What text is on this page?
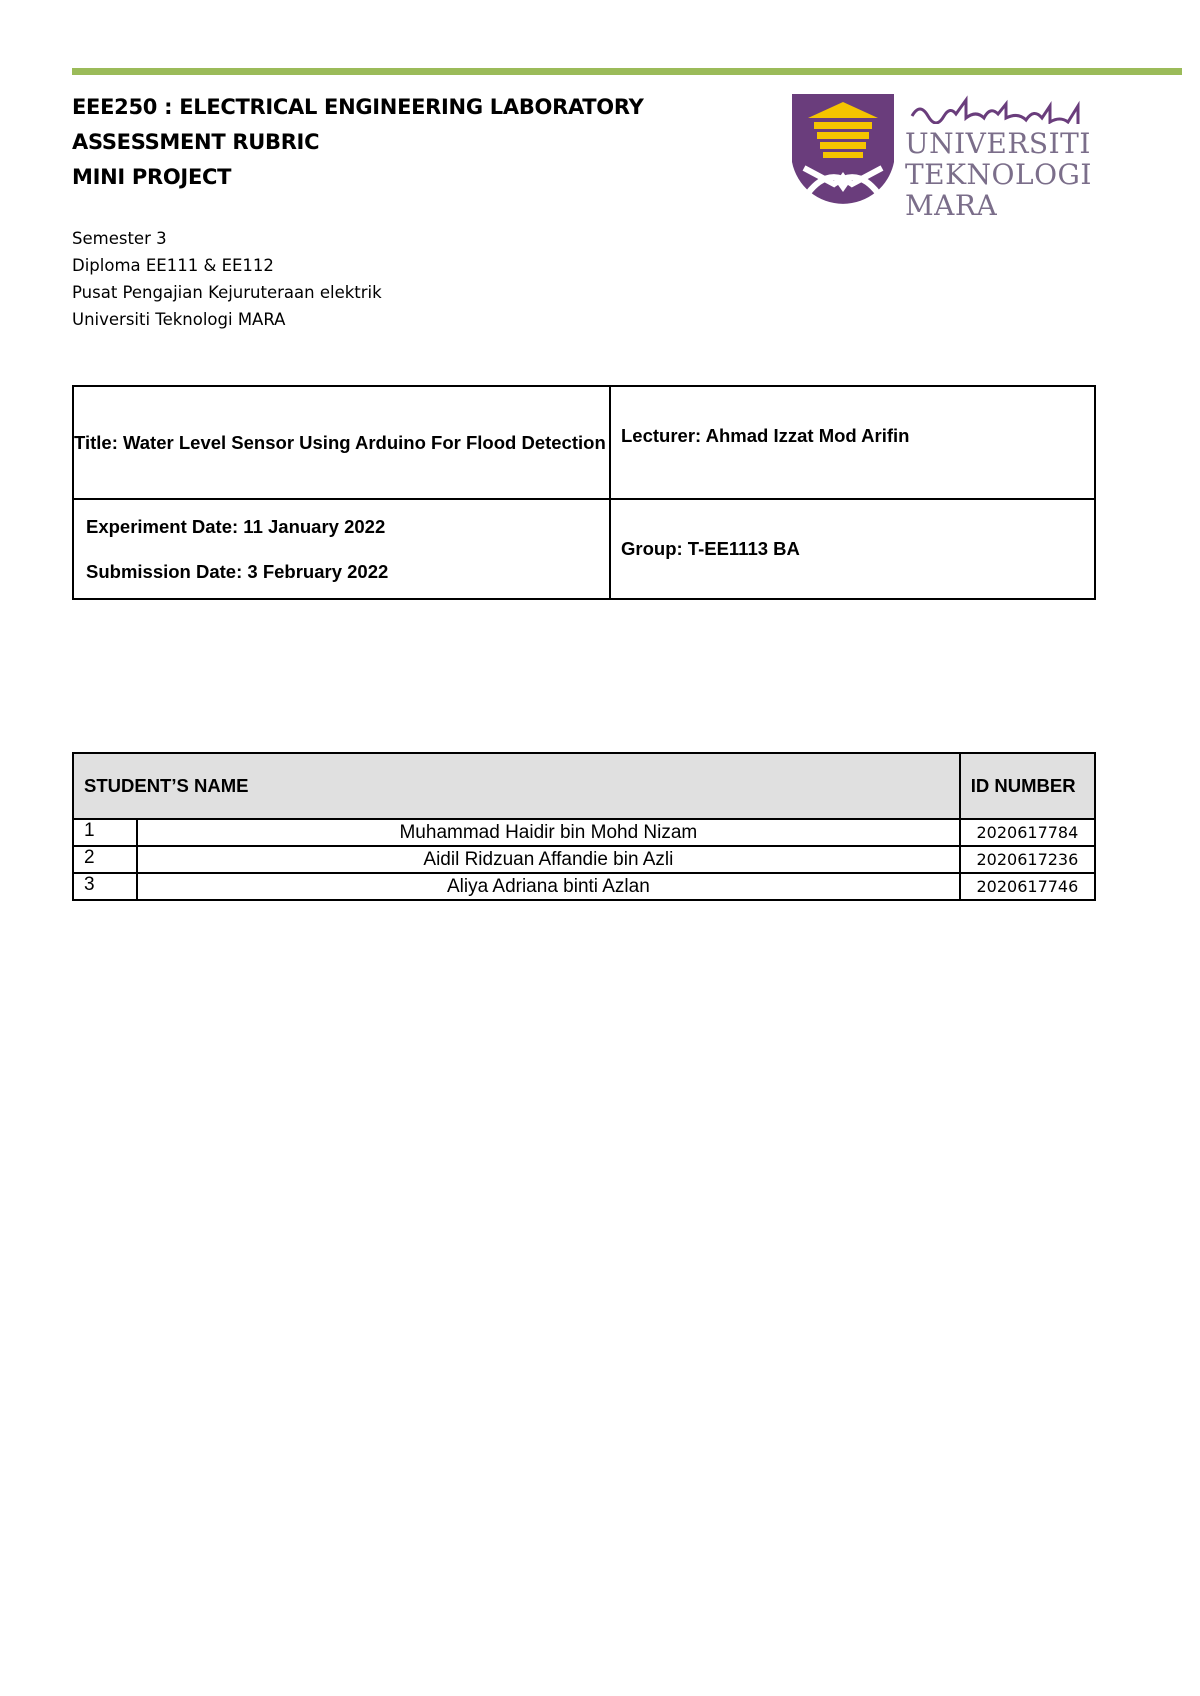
EEE250 : ELECTRICAL ENGINEERING LABORATORY
ASSESSMENT RUBRIC
MINI PROJECT
Semester 3
Diploma EE111 & EE112
Pusat Pengajian Kejuruteraan elektrik
Universiti Teknologi MARA
UNIVERSITI
TEKNOLOGI
MARA
Title: Water Level Sensor Using Arduino For Flood Detection	Lecturer: Ahmad Izzat Mod Arifin

Experiment Date: 11 January 2022
Submission Date: 3 February 2022	Group: T-EE1113 BA
STUDENT’S NAME		ID NUMBER
1	Muhammad Haidir bin Mohd Nizam	2020617784
2	Aidil Ridzuan Affandie bin Azli	2020617236
3	Aliya Adriana binti Azlan	2020617746
